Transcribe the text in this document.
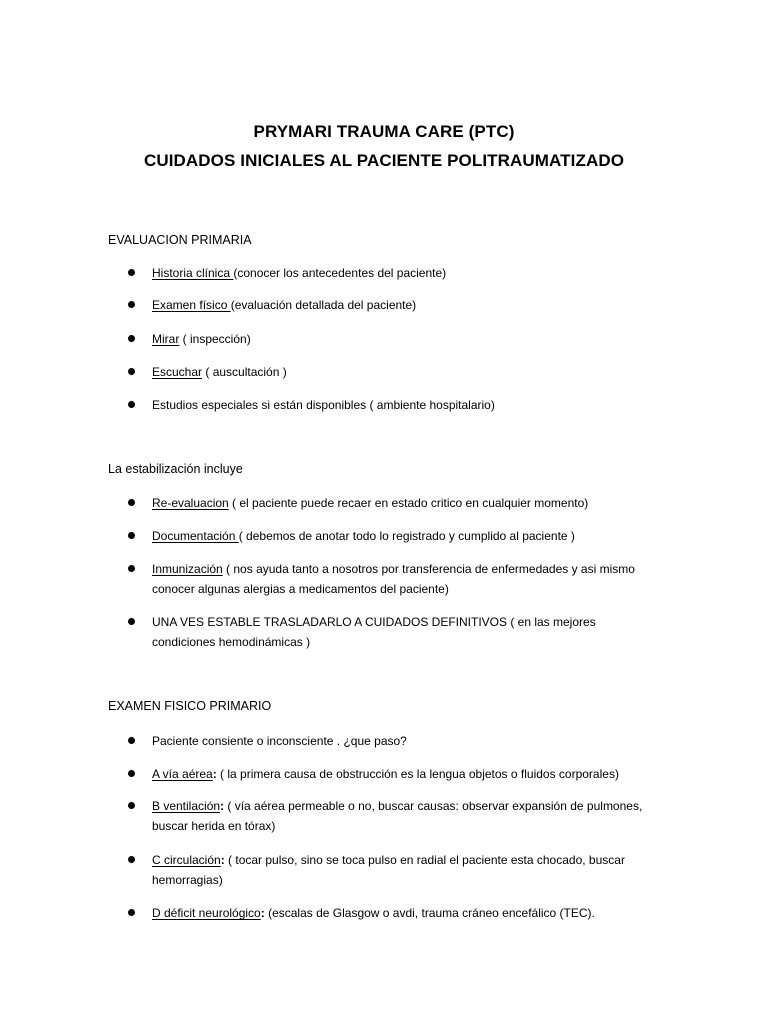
PRYMARI TRAUMA CARE (PTC)
CUIDADOS INICIALES AL PACIENTE POLITRAUMATIZADO
EVALUACION PRIMARIA
Historia clínica (conocer los antecedentes del paciente)
Examen físico (evaluación detallada del paciente)
Mirar ( inspección)
Escuchar ( auscultación )
Estudios especiales si están disponibles ( ambiente hospitalario)
La estabilización incluye
Re-evaluacion ( el paciente puede recaer en estado critico en cualquier momento)
Documentación ( debemos de anotar todo lo registrado y cumplido al paciente )
Inmunización ( nos ayuda tanto a nosotros por transferencia de enfermedades y asi mismo conocer algunas alergias a medicamentos del paciente)
UNA VES ESTABLE TRASLADARLO A CUIDADOS DEFINITIVOS ( en las mejores condiciones hemodinámicas )
EXAMEN FISICO PRIMARIO
Paciente consiente o inconsciente . ¿que paso?
A vía aérea: ( la primera causa de obstrucción es la lengua objetos o fluidos corporales)
B ventilación: ( vía aérea permeable o no, buscar causas: observar expansión de pulmones, buscar herida en tórax)
C circulación: ( tocar pulso, sino se toca pulso en radial el paciente esta chocado, buscar hemorragias)
D déficit neurológico: (escalas de Glasgow o avdi, trauma cráneo encefálico (TEC).
